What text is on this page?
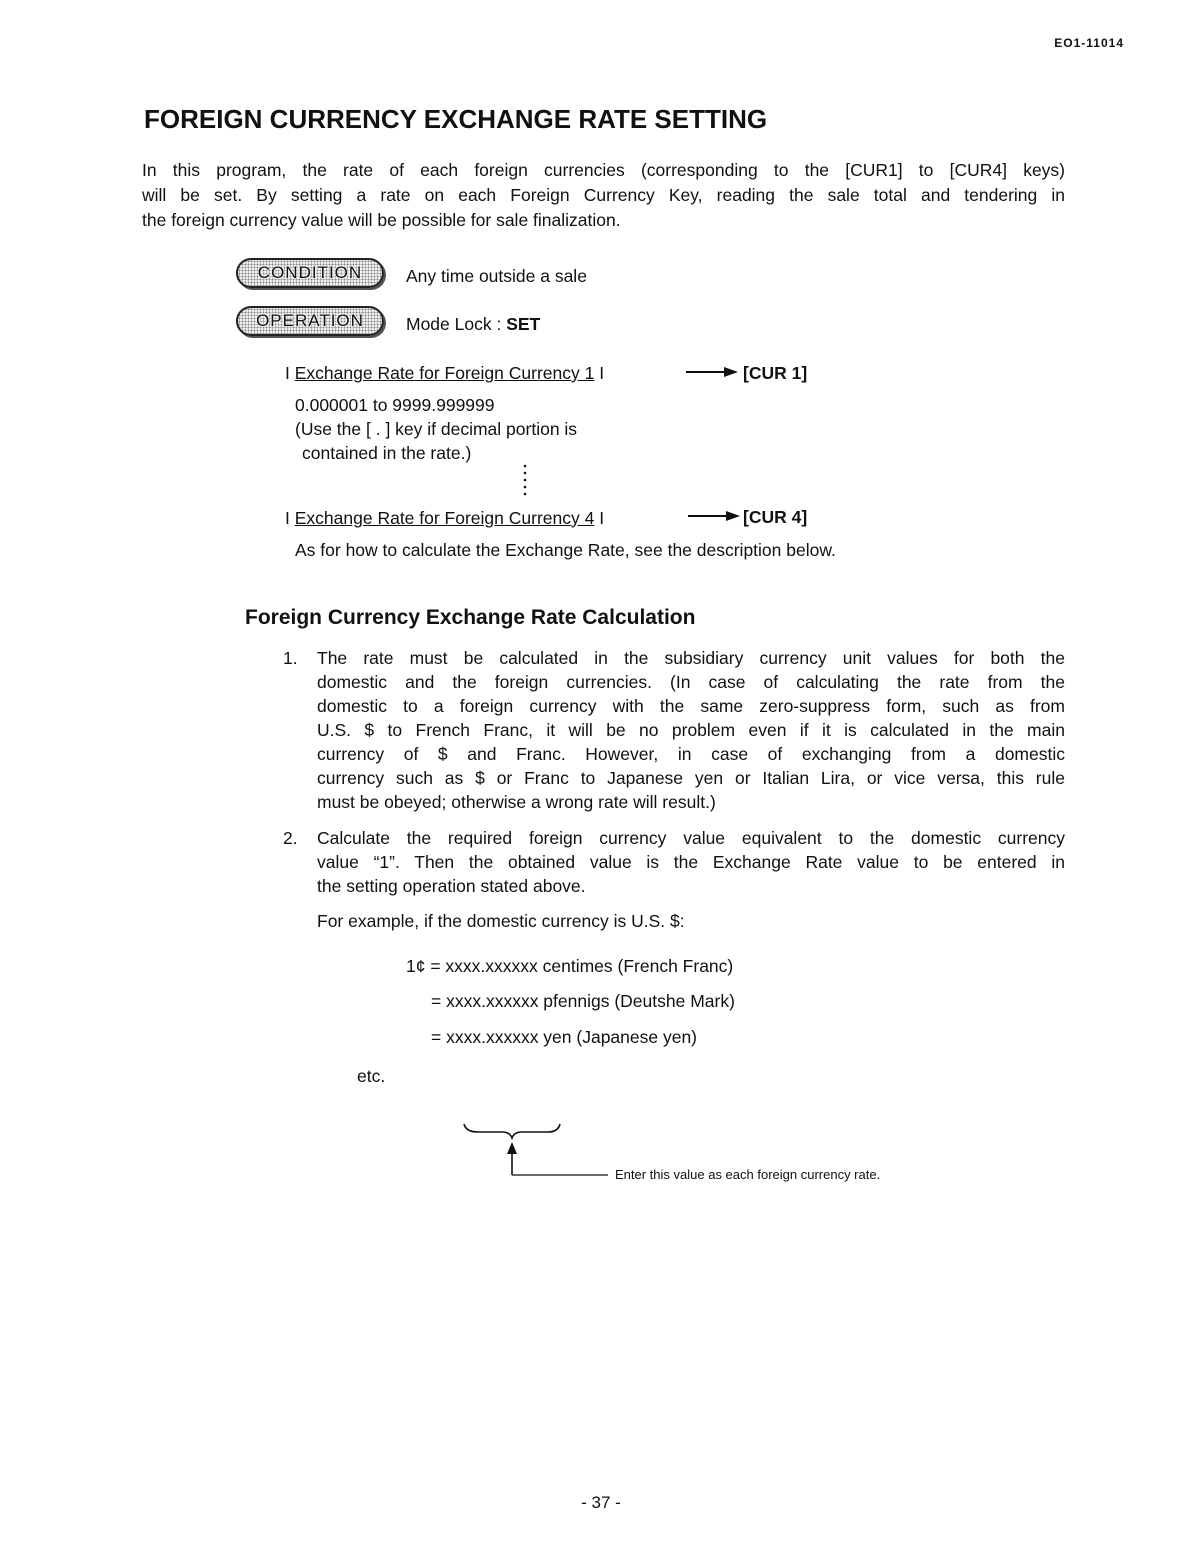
EO1-11014
FOREIGN CURRENCY EXCHANGE RATE SETTING

In this program, the rate of each foreign currencies (corresponding to the [CUR1] to [CUR4] keys)

will be set. By setting a rate on each Foreign Currency Key, reading the sale total and tendering in

the foreign currency value will be possible for sale finalization.

CONDITION	Any time outside a sale
OPERATION Mode Lock : SET
I Exchange Rate for Foreign Currency 1 I	[CUR 1]
0.000001 to 9999.999999
(Use the [ . ] key if decimal portion is
contained in the rate.)
I Exchange Rate for Foreign Currency 4 I	[CUR 4]
As for how to calculate the Exchange Rate, see the description below.
Foreign Currency Exchange Rate Calculation
1. The rate must be calculated in the subsidiary currency unit values for both the

domestic and the foreign currencies. (In case of calculating the rate from the

domestic to a foreign currency with the same zero-suppress form, such as from

U.S. $ to French Franc, it will be no problem even if it is calculated in the main

currency of $ and Franc. However, in case of exchanging from a domestic

currency such as $ or Franc to Japanese yen or Italian Lira, or vice versa, this rule

must be obeyed; otherwise a wrong rate will result.)

2. Calculate the required foreign currency value equivalent to the domestic currency

value “1”. Then the obtained value is the Exchange Rate value to be entered in

the setting operation stated above.

For example, if the domestic currency is U.S. $:
1¢ = xxxx.xxxxxx centimes (French Franc)
= xxxx.xxxxxx pfennigs (Deutshe Mark)
= xxxx.xxxxxx yen (Japanese yen)
etc.
Enter this value as each foreign currency rate.
- 37 -
